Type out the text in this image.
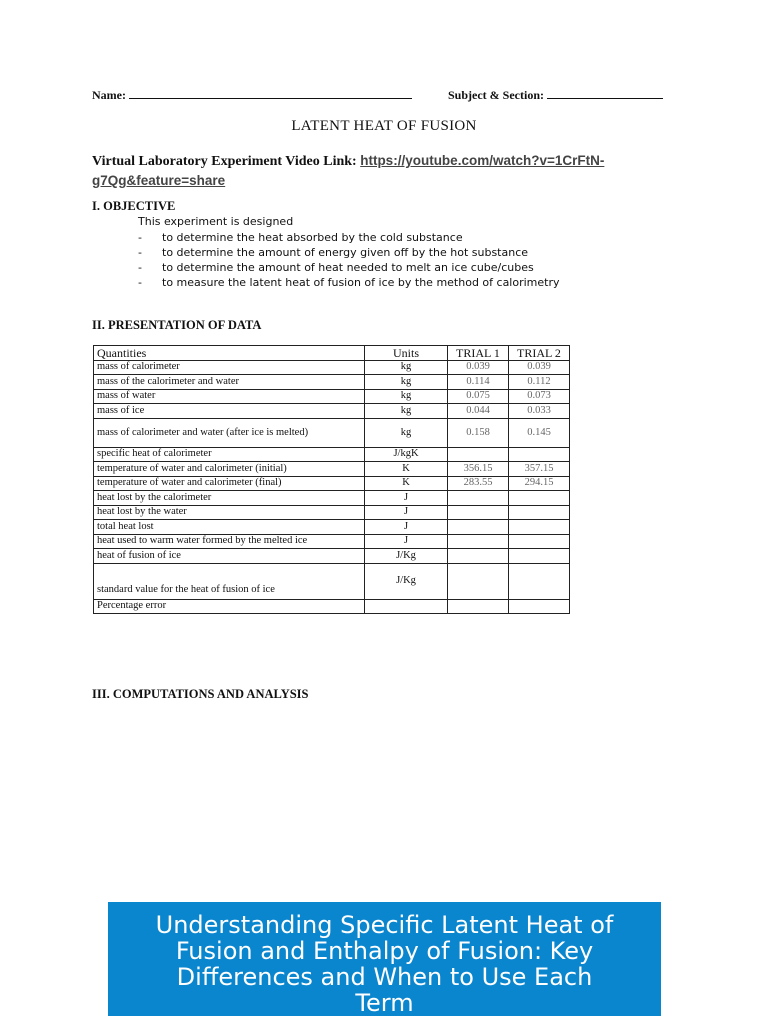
Name:	Subject & Section:
LATENT HEAT OF FUSION
Virtual Laboratory Experiment Video Link: https://youtube.com/watch?v=1CrFtN-g7Qg&feature=share
I. OBJECTIVE
This experiment is designed
- to determine the heat absorbed by the cold substance
- to determine the amount of energy given off by the hot substance
- to determine the amount of heat needed to melt an ice cube/cubes
- to measure the latent heat of fusion of ice by the method of calorimetry
II. PRESENTATION OF DATA
Quantities	Units	TRIAL 1	TRIAL 2
mass of calorimeter	kg	0.039	0.039
mass of the calorimeter and water	kg	0.114	0.112
mass of water	kg	0.075	0.073
mass of ice	kg	0.044	0.033
mass of calorimeter and water (after ice is melted)	kg	0.158	0.145
specific heat of calorimeter	J/kgK		
temperature of water and calorimeter (initial)	K	356.15	357.15
temperature of water and calorimeter (final)	K	283.55	294.15
heat lost by the calorimeter	J		
heat lost by the water	J		
total heat lost	J		
heat used to warm water formed by the melted ice	J		
heat of fusion of ice	J/Kg		
standard value for the heat of fusion of ice	J/Kg		
Percentage error			
III. COMPUTATIONS AND ANALYSIS
Understanding Specific Latent Heat of Fusion and Enthalpy of Fusion: Key Differences and When to Use Each Term
